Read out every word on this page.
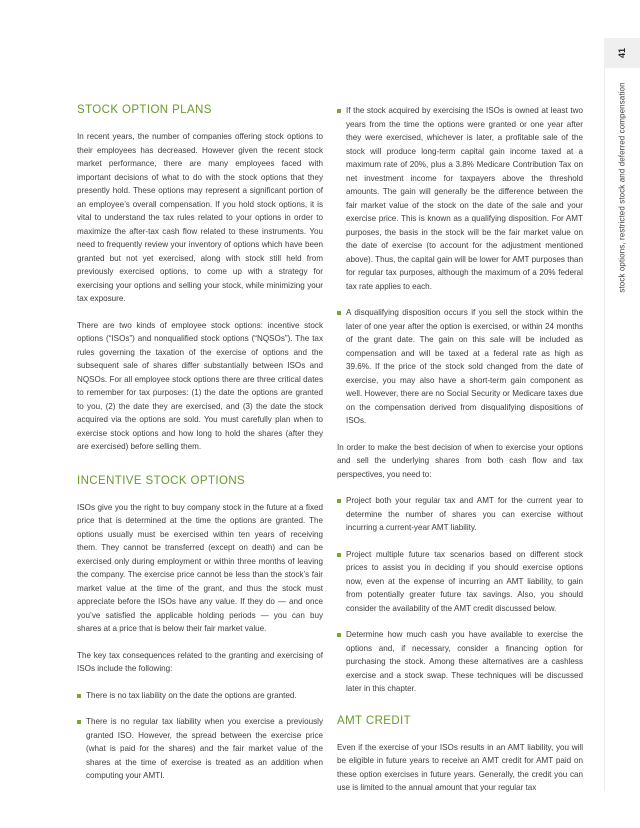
41
stock options, restricted stock and deferred compensation
STOCK OPTION PLANS

In recent years, the number of companies offering stock options to their employees has decreased. However given the recent stock market performance, there are many employees faced with important decisions of what to do with the stock options that they presently hold. These options may represent a significant portion of an employee’s overall compensation. If you hold stock options, it is vital to understand the tax rules related to your options in order to maximize the after-tax cash flow related to these instruments. You need to frequently review your inventory of options which have been granted but not yet exercised, along with stock still held from previously exercised options, to come up with a strategy for exercising your options and selling your stock, while minimizing your tax exposure.

There are two kinds of employee stock options: incentive stock options (“ISOs”) and nonqualified stock options (“NQSOs”). The tax rules governing the taxation of the exercise of options and the subsequent sale of shares differ substantially between ISOs and NQSOs. For all employee stock options there are three critical dates to remember for tax purposes: (1) the date the options are granted to you, (2) the date they are exercised, and (3) the date the stock acquired via the options are sold. You must carefully plan when to exercise stock options and how long to hold the shares (after they are exercised) before selling them.

INCENTIVE STOCK OPTIONS

ISOs give you the right to buy company stock in the future at a fixed price that is determined at the time the options are granted. The options usually must be exercised within ten years of receiving them. They cannot be transferred (except on death) and can be exercised only during employment or within three months of leaving the company. The exercise price cannot be less than the stock’s fair market value at the time of the grant, and thus the stock must appreciate before the ISOs have any value. If they do — and once you’ve satisfied the applicable holding periods — you can buy shares at a price that is below their fair market value.

The key tax consequences related to the granting and exercising of ISOs include the following:

There is no tax liability on the date the options are granted.
There is no regular tax liability when you exercise a previously granted ISO. However, the spread between the exercise price (what is paid for the shares) and the fair market value of the shares at the time of exercise is treated as an addition when computing your AMTI.
If the stock acquired by exercising the ISOs is owned at least two years from the time the options were granted or one year after they were exercised, whichever is later, a profitable sale of the stock will produce long-term capital gain income taxed at a maximum rate of 20%, plus a 3.8% Medicare Contribution Tax on net investment income for taxpayers above the threshold amounts. The gain will generally be the difference between the fair market value of the stock on the date of the sale and your exercise price. This is known as a qualifying disposition. For AMT purposes, the basis in the stock will be the fair market value on the date of exercise (to account for the adjustment mentioned above). Thus, the capital gain will be lower for AMT purposes than for regular tax purposes, although the maximum of a 20% federal tax rate applies to each.
A disqualifying disposition occurs if you sell the stock within the later of one year after the option is exercised, or within 24 months of the grant date. The gain on this sale will be included as compensation and will be taxed at a federal rate as high as 39.6%. If the price of the stock sold changed from the date of exercise, you may also have a short-term gain component as well. However, there are no Social Security or Medicare taxes due on the compensation derived from disqualifying dispositions of ISOs.

In order to make the best decision of when to exercise your options and sell the underlying shares from both cash flow and tax perspectives, you need to:

Project both your regular tax and AMT for the current year to determine the number of shares you can exercise without incurring a current-year AMT liability.
Project multiple future tax scenarios based on different stock prices to assist you in deciding if you should exercise options now, even at the expense of incurring an AMT liability, to gain from potentially greater future tax savings. Also, you should consider the availability of the AMT credit discussed below.
Determine how much cash you have available to exercise the options and, if necessary, consider a financing option for purchasing the stock. Among these alternatives are a cashless exercise and a stock swap. These techniques will be discussed later in this chapter.
AMT CREDIT

Even if the exercise of your ISOs results in an AMT liability, you will be eligible in future years to receive an AMT credit for AMT paid on these option exercises in future years. Generally, the credit you can use is limited to the annual amount that your regular tax
